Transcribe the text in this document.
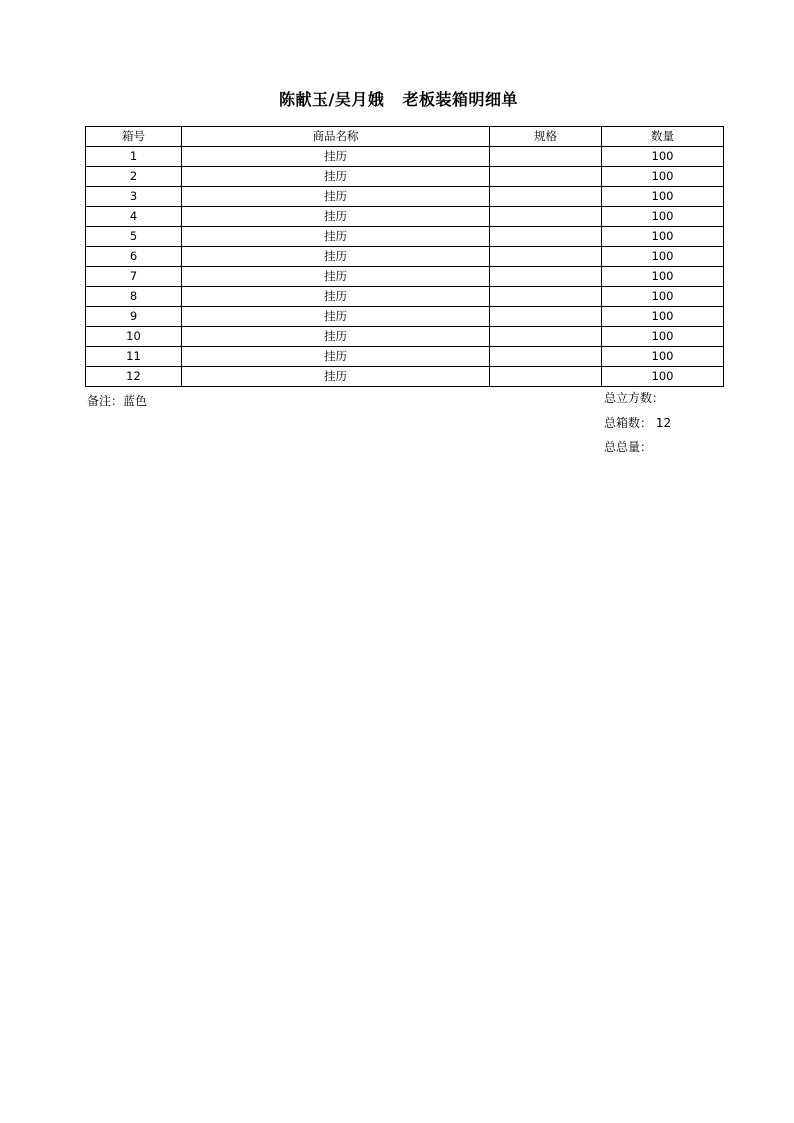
陈献玉/吴月娥   老板装箱明细单
箱号	商品名称	规格	数量
1	挂历		100
2	挂历		100
3	挂历		100
4	挂历		100
5	挂历		100
6	挂历		100
7	挂历		100
8	挂历		100
9	挂历		100
10	挂历		100
11	挂历		100
12	挂历		100
备注：蓝色	总立方数：
总箱数： 12
总总量：
